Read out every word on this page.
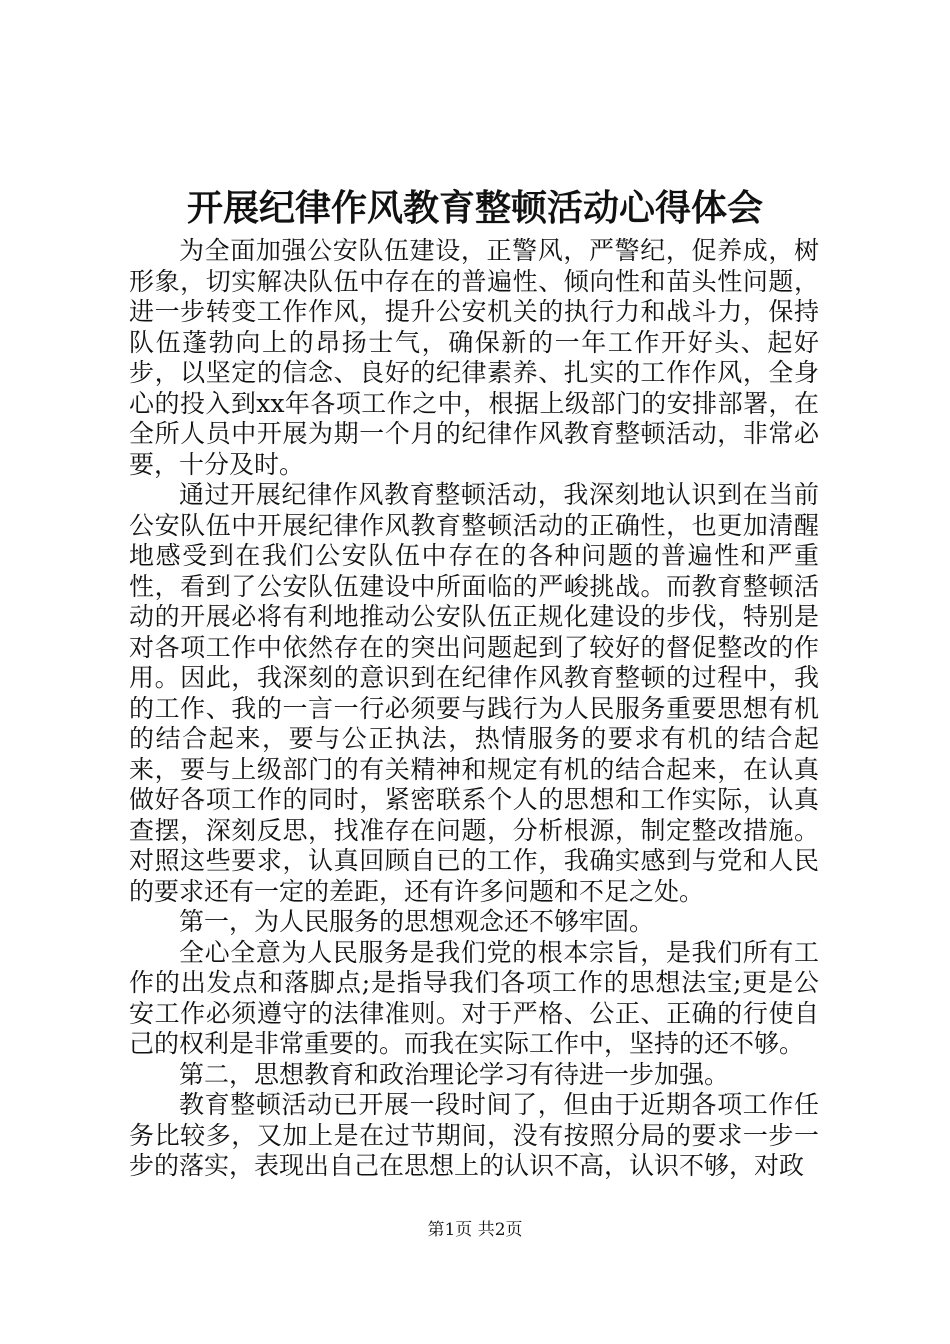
开展纪律作风教育整顿活动心得体会

为全面加强公安队伍建设，正警风，严警纪，促养成，树形象，切实解决队伍中存在的普遍性、倾向性和苗头性问题，进一步转变工作作风，提升公安机关的执行力和战斗力，保持队伍蓬勃向上的昂扬士气，确保新的一年工作开好头、起好步，以坚定的信念、良好的纪律素养、扎实的工作作风，全身心的投入到xx年各项工作之中，根据上级部门的安排部署，在全所人员中开展为期一个月的纪律作风教育整顿活动，非常必要，十分及时。

通过开展纪律作风教育整顿活动，我深刻地认识到在当前公安队伍中开展纪律作风教育整顿活动的正确性，也更加清醒地感受到在我们公安队伍中存在的各种问题的普遍性和严重性，看到了公安队伍建设中所面临的严峻挑战。而教育整顿活动的开展必将有利地推动公安队伍正规化建设的步伐，特别是对各项工作中依然存在的突出问题起到了较好的督促整改的作用。因此，我深刻的意识到在纪律作风教育整顿的过程中，我的工作、我的一言一行必须要与践行为人民服务重要思想有机的结合起来，要与公正执法，热情服务的要求有机的结合起来，要与上级部门的有关精神和规定有机的结合起来，在认真做好各项工作的同时，紧密联系个人的思想和工作实际，认真查摆，深刻反思，找准存在问题，分析根源，制定整改措施。对照这些要求，认真回顾自已的工作，我确实感到与党和人民的要求还有一定的差距，还有许多问题和不足之处。

第一，为人民服务的思想观念还不够牢固。

全心全意为人民服务是我们党的根本宗旨，是我们所有工作的出发点和落脚点;是指导我们各项工作的思想法宝;更是公安工作必须遵守的法律准则。对于严格、公正、正确的行使自己的权利是非常重要的。而我在实际工作中，坚持的还不够。

第二，思想教育和政治理论学习有待进一步加强。

教育整顿活动已开展一段时间了，但由于近期各项工作任务比较多，又加上是在过节期间，没有按照分局的要求一步一步的落实，表现出自己在思想上的认识不高，认识不够，对政

第1页 共2页
